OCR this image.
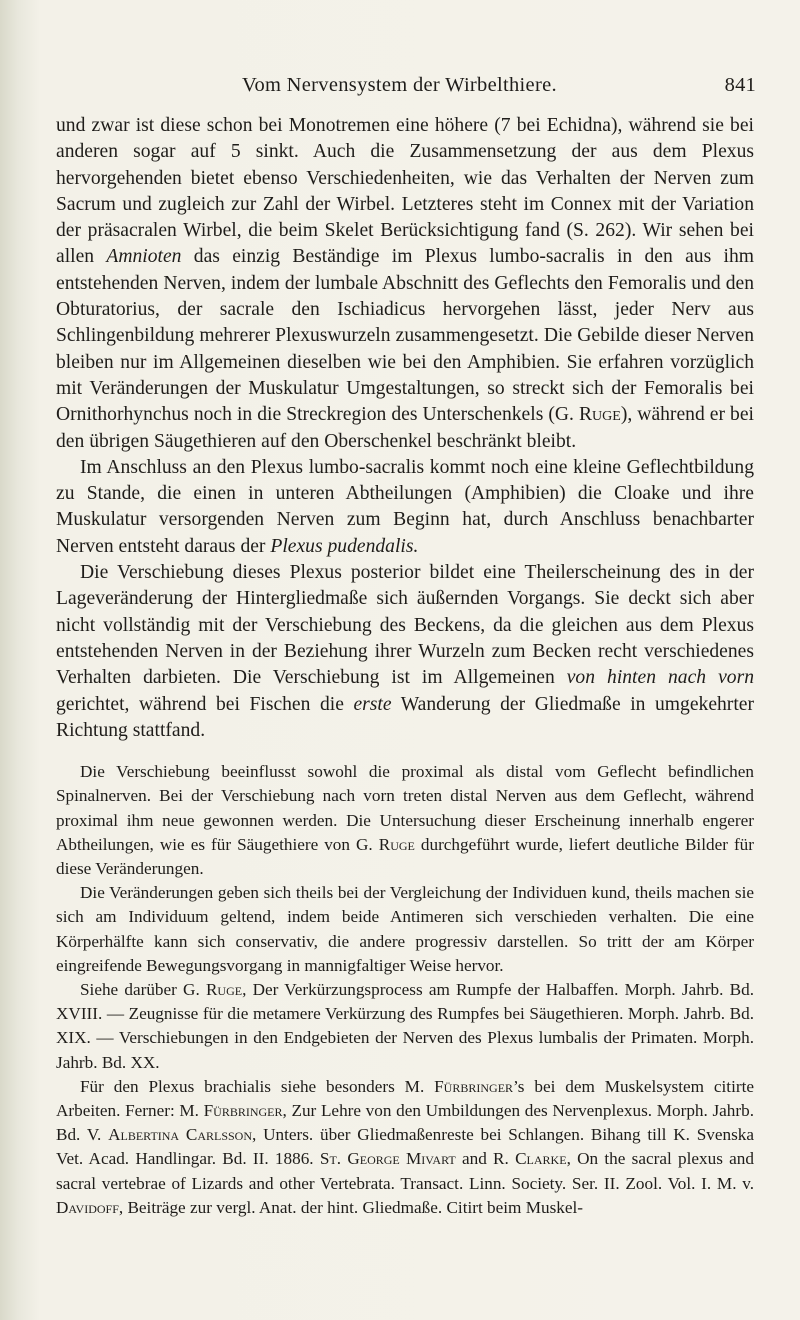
Vom Nervensystem der Wirbelthiere.	841

und zwar ist diese schon bei Monotremen eine höhere (7 bei Echidna), während sie bei anderen sogar auf 5 sinkt. Auch die Zusammensetzung der aus dem Plexus hervorgehenden bietet ebenso Verschiedenheiten, wie das Verhalten der Nerven zum Sacrum und zugleich zur Zahl der Wirbel. Letzteres steht im Connex mit der Variation der präsacralen Wirbel, die beim Skelet Berücksichtigung fand (S. 262). Wir sehen bei allen Amnioten das einzig Beständige im Plexus lumbo-sacralis in den aus ihm entstehenden Nerven, indem der lumbale Abschnitt des Geflechts den Femoralis und den Obturatorius, der sacrale den Ischiadicus hervorgehen lässt, jeder Nerv aus Schlingenbildung mehrerer Plexuswurzeln zusammengesetzt. Die Gebilde dieser Nerven bleiben nur im Allgemeinen dieselben wie bei den Amphibien. Sie erfahren vorzüglich mit Veränderungen der Muskulatur Umgestaltungen, so streckt sich der Femoralis bei Ornithorhynchus noch in die Streckregion des Unterschenkels (G. Ruge), während er bei den übrigen Säugethieren auf den Oberschenkel beschränkt bleibt.

Im Anschluss an den Plexus lumbo-sacralis kommt noch eine kleine Geflechtbildung zu Stande, die einen in unteren Abtheilungen (Amphibien) die Cloake und ihre Muskulatur versorgenden Nerven zum Beginn hat, durch Anschluss benachbarter Nerven entsteht daraus der Plexus pudendalis.

Die Verschiebung dieses Plexus posterior bildet eine Theilerscheinung des in der Lageveränderung der Hintergliedmaße sich äußernden Vorgangs. Sie deckt sich aber nicht vollständig mit der Verschiebung des Beckens, da die gleichen aus dem Plexus entstehenden Nerven in der Beziehung ihrer Wurzeln zum Becken recht verschiedenes Verhalten darbieten. Die Verschiebung ist im Allgemeinen von hinten nach vorn gerichtet, während bei Fischen die erste Wanderung der Gliedmaße in umgekehrter Richtung stattfand.

Die Verschiebung beeinflusst sowohl die proximal als distal vom Geflecht befindlichen Spinalnerven. Bei der Verschiebung nach vorn treten distal Nerven aus dem Geflecht, während proximal ihm neue gewonnen werden. Die Untersuchung dieser Erscheinung innerhalb engerer Abtheilungen, wie es für Säugethiere von G. Ruge durchgeführt wurde, liefert deutliche Bilder für diese Veränderungen.

Die Veränderungen geben sich theils bei der Vergleichung der Individuen kund, theils machen sie sich am Individuum geltend, indem beide Antimeren sich verschieden verhalten. Die eine Körperhälfte kann sich conservativ, die andere progressiv darstellen. So tritt der am Körper eingreifende Bewegungsvorgang in mannigfaltiger Weise hervor.

Siehe darüber G. Ruge, Der Verkürzungsprocess am Rumpfe der Halbaffen. Morph. Jahrb. Bd. XVIII. — Zeugnisse für die metamere Verkürzung des Rumpfes bei Säugethieren. Morph. Jahrb. Bd. XIX. — Verschiebungen in den Endgebieten der Nerven des Plexus lumbalis der Primaten. Morph. Jahrb. Bd. XX.

Für den Plexus brachialis siehe besonders M. Fürbringer’s bei dem Muskelsystem citirte Arbeiten. Ferner: M. Fürbringer, Zur Lehre von den Umbildungen des Nervenplexus. Morph. Jahrb. Bd. V. Albertina Carlsson, Unters. über Gliedmaßenreste bei Schlangen. Bihang till K. Svenska Vet. Acad. Handlingar. Bd. II. 1886. St. George Mivart and R. Clarke, On the sacral plexus and sacral vertebrae of Lizards and other Vertebrata. Transact. Linn. Society. Ser. II. Zool. Vol. I. M. v. Davidoff, Beiträge zur vergl. Anat. der hint. Gliedmaße. Citirt beim Muskel-
